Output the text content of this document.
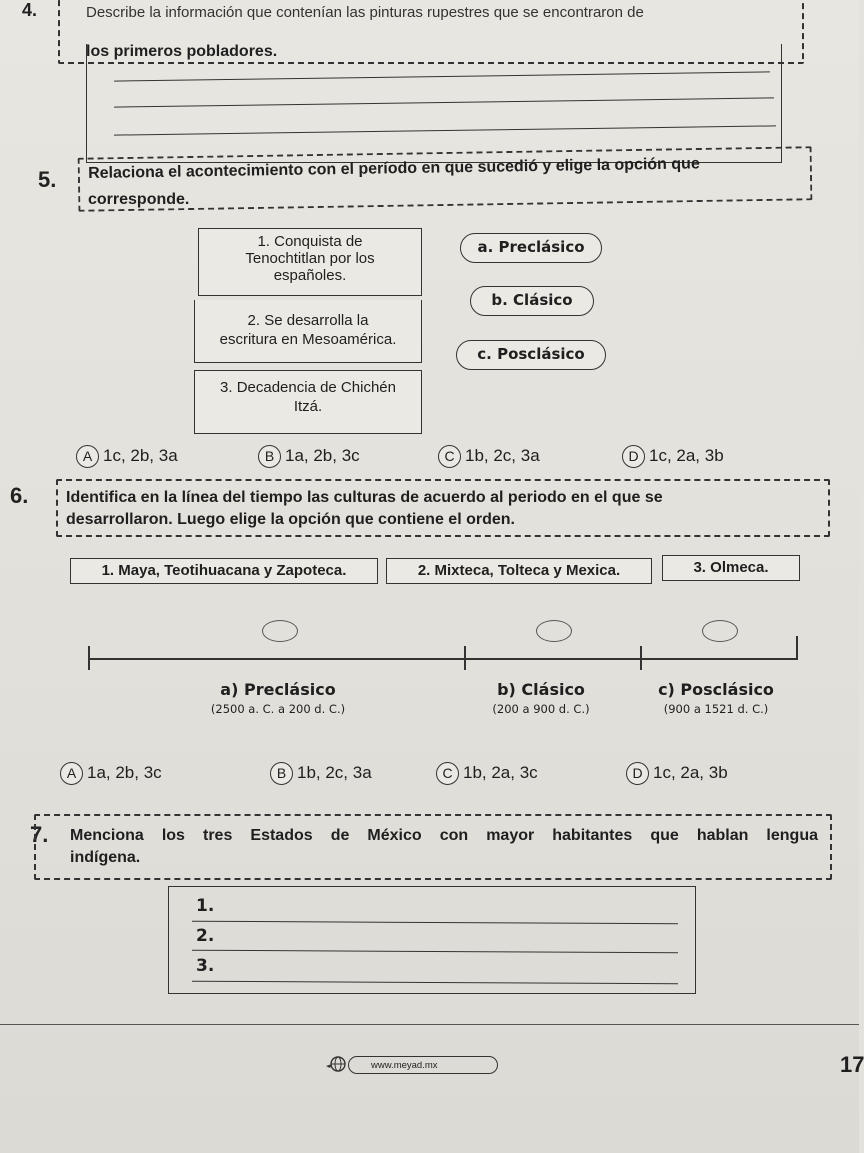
4.	Describe la información que contenían las pinturas rupestres que se encontraron de
los primeros pobladores.
5. Relaciona el acontecimiento con el período en que sucedió y elige la opción que
corresponde.
1. Conquista de
Tenochtitlan por los
españoles.
2. Se desarrolla la
escritura en Mesoamérica.
3. Decadencia de Chichén
Itzá.
a. Preclásico
b. Clásico
c. Posclásico
A 1c, 2b, 3a	B 1a, 2b, 3c	C 1b, 2c, 3a	D 1c, 2a, 3b
6. Identifica en la línea del tiempo las culturas de acuerdo al periodo en el que se
desarrollaron. Luego elige la opción que contiene el orden.
1. Maya, Teotihuacana y Zapoteca.	2. Mixteca, Tolteca y Mexica.	3. Olmeca.
a) Preclásico
(2500 a. C. a 200 d. C.)
b) Clásico
(200 a 900 d. C.)
c) Posclásico
(900 a 1521 d. C.)
A 1a, 2b, 3c	B 1b, 2c, 3a	C 1b, 2a, 3c	D 1c, 2a, 3b
7. Menciona los tres Estados de México con mayor habitantes que hablan lengua
indígena.
1.
2.
3.
www.meyad.mx	17
